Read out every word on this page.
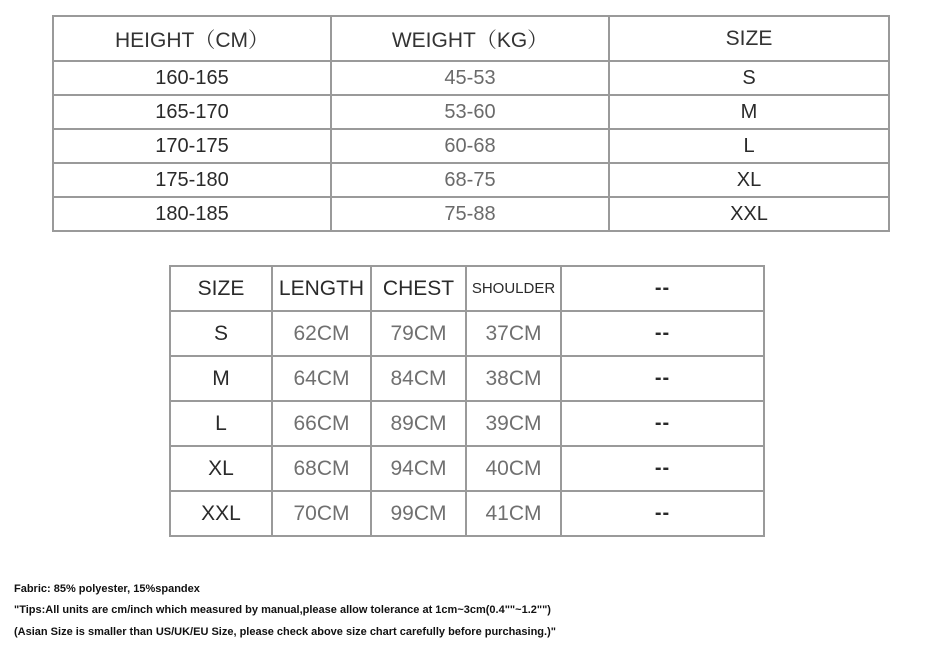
HEIGHT（CM）	WEIGHT（KG）	SIZE
160-165	45-53	S
165-170	53-60	M
170-175	60-68	L
175-180	68-75	XL
180-185	75-88	XXL
SIZE	LENGTH	CHEST	SHOULDER	--
S	62CM	79CM	37CM	--
M	64CM	84CM	38CM	--
L	66CM	89CM	39CM	--
XL	68CM	94CM	40CM	--
XXL	70CM	99CM	41CM	--
Fabric: 85% polyester, 15%spandex
"Tips:All units are cm/inch which measured by manual,please allow tolerance at 1cm~3cm(0.4""~1.2"")
(Asian Size is smaller than US/UK/EU Size, please check above size chart carefully before purchasing.)"
